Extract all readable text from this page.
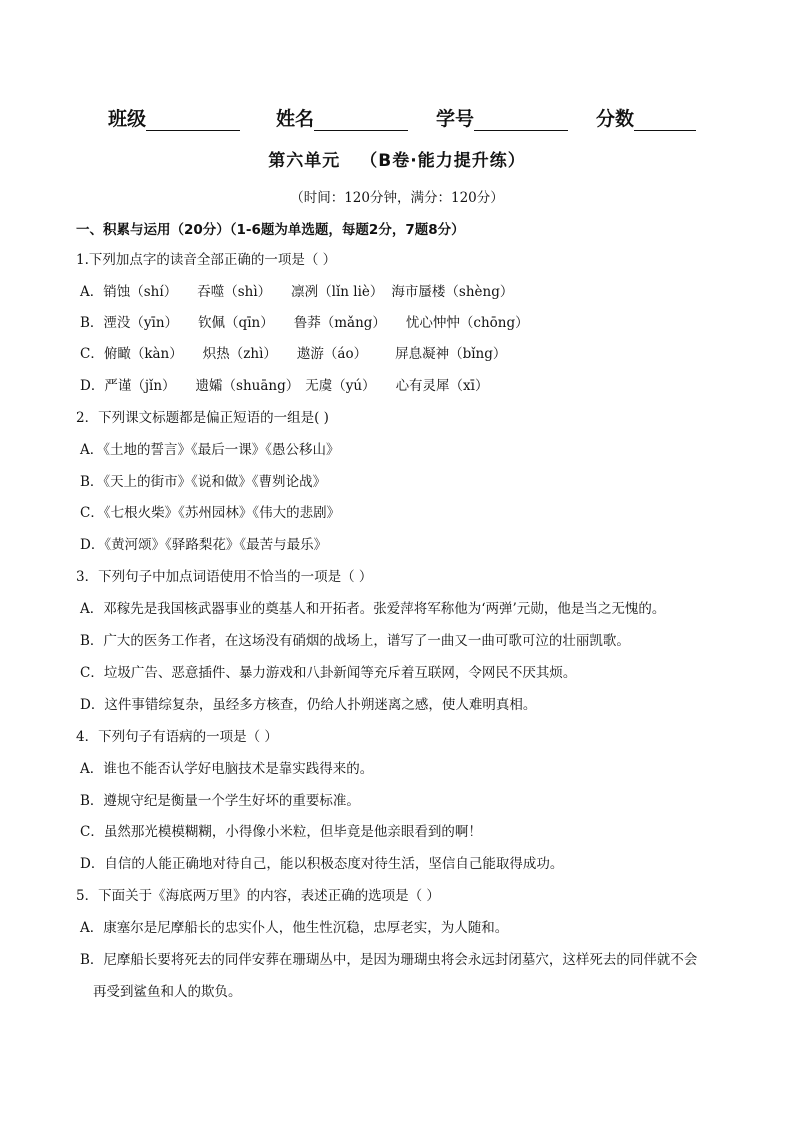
班级	姓名	学号	分数
第六单元 （B卷·能力提升练）
（时间：120分钟，满分：120分）
一、积累与运用（20分）（1-6题为单选题，每题2分，7题8分）
1.下列加点字的读音全部正确的一项是（ ）
A．销蚀（shí） 吞噬（shì） 凛冽（lǐn liè） 海市蜃楼（shèng）
B．湮没（yīn） 钦佩（qīn） 鲁莽（mǎng） 忧心忡忡（chōng）
C．俯瞰（kàn） 炽热（zhì） 遨游（áo） 屏息凝神（bǐng）
D．严谨（jǐn） 遗孀（shuāng） 无虞（yú） 心有灵犀（xī）
2．下列课文标题都是偏正短语的一组是( )
A．《土地的誓言》《最后一课》《愚公移山》
B．《天上的街市》《说和做》《曹刿论战》
C．《七根火柴》《苏州园林》《伟大的悲剧》
D．《黄河颂》《驿路梨花》《最苦与最乐》
3．下列句子中加点词语使用不恰当的一项是（ ）
A．邓稼先是我国核武器事业的奠基人和开拓者。张爱萍将军称他为‘两弹’元勋，他是当之无愧的。
B．广大的医务工作者，在这场没有硝烟的战场上，谱写了一曲又一曲可歌可泣的壮丽凯歌。
C．垃圾广告、恶意插件、暴力游戏和八卦新闻等充斥着互联网，令网民不厌其烦。
D．这件事错综复杂，虽经多方核查，仍给人扑朔迷离之感，使人难明真相。
4．下列句子有语病的一项是（ ）
A．谁也不能否认学好电脑技术是靠实践得来的。
B．遵规守纪是衡量一个学生好坏的重要标准。
C．虽然那光模模糊糊，小得像小米粒，但毕竟是他亲眼看到的啊！
D．自信的人能正确地对待自己，能以积极态度对待生活，坚信自己能取得成功。
5．下面关于《海底两万里》的内容，表述正确的选项是（ ）
A．康塞尔是尼摩船长的忠实仆人，他生性沉稳，忠厚老实，为人随和。
B．尼摩船长要将死去的同伴安葬在珊瑚丛中，是因为珊瑚虫将会永远封闭墓穴，这样死去的同伴就不会
再受到鲨鱼和人的欺负。
